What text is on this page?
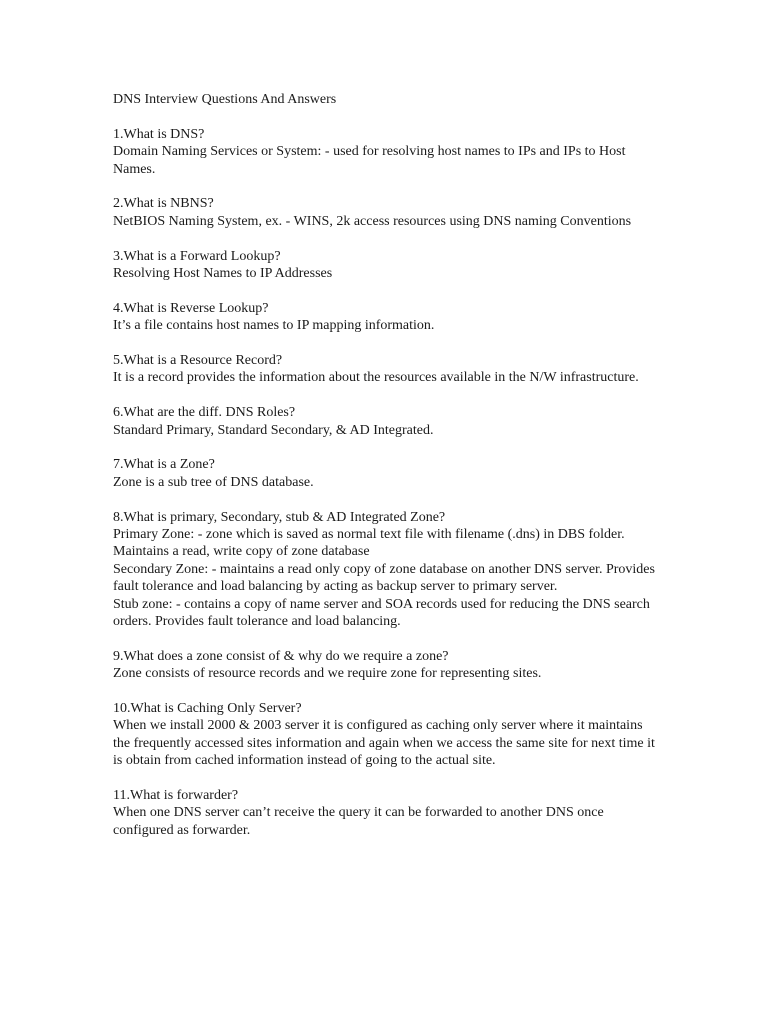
DNS Interview Questions And Answers

1.What is DNS?
Domain Naming Services or System: - used for resolving host names to IPs and IPs to Host Names.
2.What is NBNS?
NetBIOS Naming System, ex. - WINS, 2k access resources using DNS naming Conventions
3.What is a Forward Lookup?
Resolving Host Names to IP Addresses
4.What is Reverse Lookup?
It’s a file contains host names to IP mapping information.
5.What is a Resource Record?
It is a record provides the information about the resources available in the N/W infrastructure.
6.What are the diff. DNS Roles?
Standard Primary, Standard Secondary, & AD Integrated.
7.What is a Zone?
Zone is a sub tree of DNS database.
8.What is primary, Secondary, stub & AD Integrated Zone?
Primary Zone: - zone which is saved as normal text file with filename (.dns) in DBS folder. Maintains a read, write copy of zone database
Secondary Zone: - maintains a read only copy of zone database on another DNS server. Provides fault tolerance and load balancing by acting as backup server to primary server.
Stub zone: - contains a copy of name server and SOA records used for reducing the DNS search orders. Provides fault tolerance and load balancing.
9.What does a zone consist of & why do we require a zone?
Zone consists of resource records and we require zone for representing sites.
10.What is Caching Only Server?
When we install 2000 & 2003 server it is configured as caching only server where it maintains the frequently accessed sites information and again when we access the same site for next time it is obtain from cached information instead of going to the actual site.
11.What is forwarder?
When one DNS server can’t receive the query it can be forwarded to another DNS once configured as forwarder.
